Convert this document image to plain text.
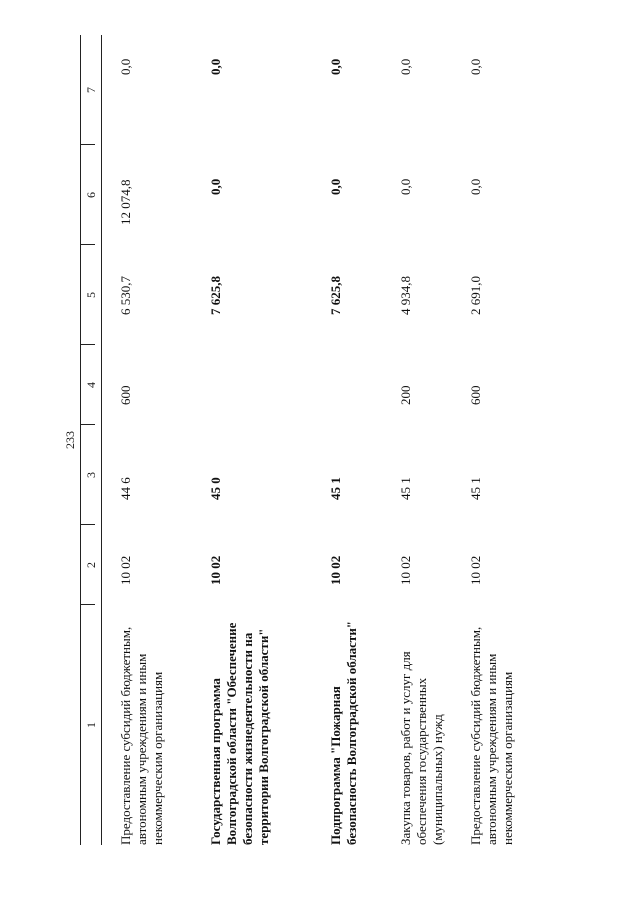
233
1
2
3
4
5
6
7
Предоставление субсидий бюджетным, автономным учреждениям и иным некоммерческим организациям
10 02
44 6
600
6 530,7
12 074,8
0,0
Государственная программа Волгоградской области "Обеспечение безопасности жизнедеятельности на территории Волгоградской области"
10 02
45 0
7 625,8
0,0
0,0
Подпрограмма "Пожарная безопасность Волгоградской области"
10 02
45 1
7 625,8
0,0
0,0
Закупка товаров, работ и услуг для обеспечения государственных (муниципальных) нужд
10 02
45 1
200
4 934,8
0,0
0,0
Предоставление субсидий бюджетным, автономным учреждениям и иным некоммерческим организациям
10 02
45 1
600
2 691,0
0,0
0,0
